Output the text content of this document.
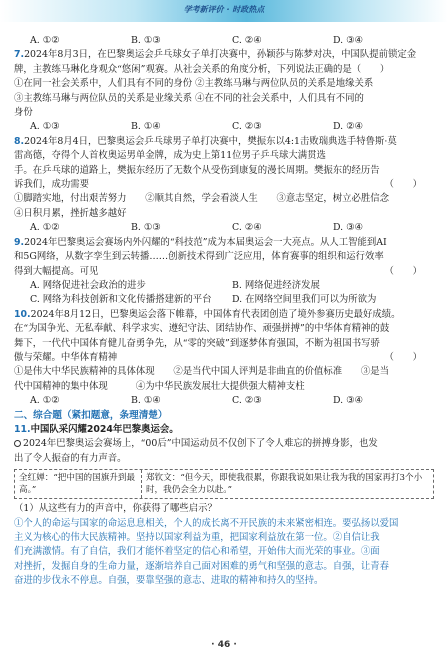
学考新评价 · 时政热点
A. ①②	B. ①③	C. ②④	D. ③④
7.2024年8月3日，在巴黎奥运会乒乓球女子单打决赛中，孙颖莎与陈梦对决，中国队提前锁定金
牌，主教练马琳化身观众“悠闲”观赛。从社会关系的角度分析，下列说法正确的是（　　）
①在同一社会关系中，人们具有不同的身份 ②主教练马琳与两位队员的关系是地缘关系
③主教练马琳与两位队员的关系是业缘关系 ④在不同的社会关系中，人们具有不同的
身份
A. ①③	B. ①④	C. ②③	D. ②④
8.2024年8月4日，巴黎奥运会乒乓球男子单打决赛中，樊振东以4:1击败瑞典选手特鲁斯·莫
雷高德，夺得个人首枚奥运男单金牌，成为史上第11位男子乒乓球大满贯选
手。在乒乓球的道路上，樊振东经历了无数个从受伤到康复的漫长周期。樊振东的经历告
诉我们，成功需要	（　　）
①脚踏实地，付出艰苦努力　　②顺其自然，学会看淡人生　　③意志坚定，树立必胜信念
④日积月累，挫折越多越好
A. ①②	B. ①③	C. ②④	D. ③④
9.2024年巴黎奥运会赛场内外闪耀的“科技范”成为本届奥运会一大亮点。从人工智能到AI
和5G网络，从数字孪生到云转播……创新技术得到广泛应用，体育赛事的组织和运行效率
得到大幅提高。可见	（　　）
A. 网络促进社会政治的进步	B. 网络促进经济发展
C. 网络为科技创新和文化传播搭建新的平台	D. 在网络空间里我们可以为所欲为
10.2024年8月12日，巴黎奥运会落下帷幕，中国体育代表团创造了境外参赛历史最好成绩。
在“为国争光、无私奉献、科学求实、遵纪守法、团结协作、顽强拼搏”的中华体育精神的鼓
舞下，一代代中国体育健儿奋勇争先，从“零的突破”到逐梦体育强国，不断为祖国书写骄
傲与荣耀。中华体育精神	（　　）
①是伟大中华民族精神的具体体现　　②是当代中国人评判是非曲直的价值标准　　③是当
代中国精神的集中体现　　　④为中华民族发展壮大提供强大精神支柱
A. ①②	B. ①④	C. ②③	D. ③④
二、综合题（紧扣题意，条理清楚）
11.中国队采闪耀2024年巴黎奥运会。
2024年巴黎奥运会赛场上，“00后”中国运动员不仅创下了令人难忘的拼搏身影，也发
出了令人振奋的有力声音。
全红婵：“把中国的国旗升到最高。”
郑钦文：“但今天，即使我很累，你跟我说如果让我为我的国家再打3个小时，我仍会全力以赴。”
（1）从这些有力的声音中，你获得了哪些启示？
①个人的命运与国家的命运息息相关，个人的成长离不开民族的未来紧密相连。要弘扬以爱国
主义为核心的伟大民族精神。坚持以国家利益为重，把国家利益放在第一位。②自信让我
们充满激情。有了自信，我们才能怀着坚定的信心和希望，开始伟大而光荣的事业。③面
对挫折，发掘自身的生命力量，逐渐培养自己面对困难的勇气和坚强的意志。自强，让青春
奋进的步伐永不停息。自强，要靠坚强的意志、进取的精神和持久的坚持。
· 46 ·
